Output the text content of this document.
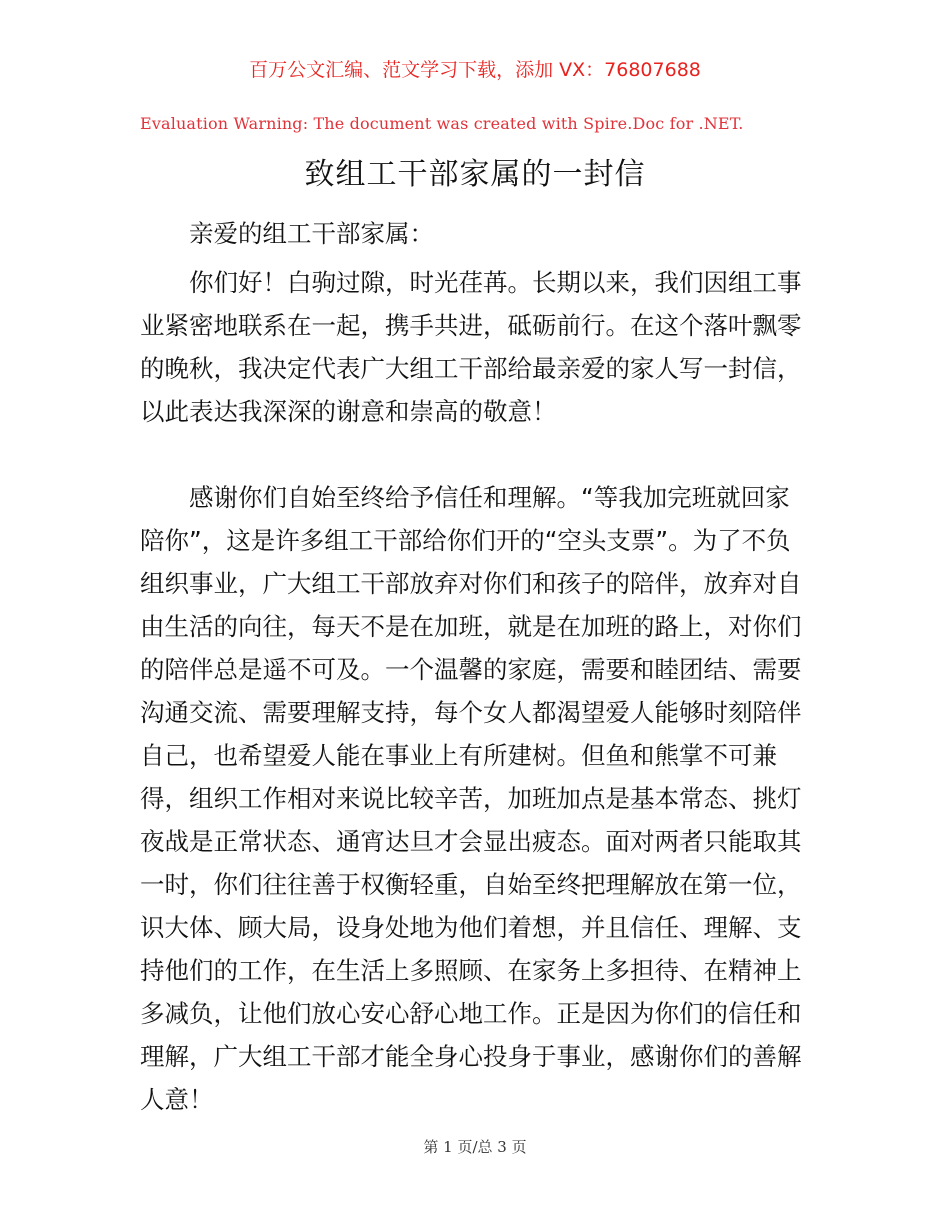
百万公文汇编、范文学习下载，添加 VX：76807688
Evaluation Warning: The document was created with Spire.Doc for .NET.
致组工干部家属的一封信
亲爱的组工干部家属：
你们好！白驹过隙，时光荏苒。长期以来，我们因组工事
业紧密地联系在一起，携手共进，砥砺前行。在这个落叶飘零
的晚秋，我决定代表广大组工干部给最亲爱的家人写一封信，
以此表达我深深的谢意和崇高的敬意！
感谢你们自始至终给予信任和理解。“等我加完班就回家
陪你”，这是许多组工干部给你们开的“空头支票”。为了不负
组织事业，广大组工干部放弃对你们和孩子的陪伴，放弃对自
由生活的向往，每天不是在加班，就是在加班的路上，对你们
的陪伴总是遥不可及。一个温馨的家庭，需要和睦团结、需要
沟通交流、需要理解支持，每个女人都渴望爱人能够时刻陪伴
自己，也希望爱人能在事业上有所建树。但鱼和熊掌不可兼
得，组织工作相对来说比较辛苦，加班加点是基本常态、挑灯
夜战是正常状态、通宵达旦才会显出疲态。面对两者只能取其
一时，你们往往善于权衡轻重，自始至终把理解放在第一位，
识大体、顾大局，设身处地为他们着想，并且信任、理解、支
持他们的工作，在生活上多照顾、在家务上多担待、在精神上
多减负，让他们放心安心舒心地工作。正是因为你们的信任和
理解，广大组工干部才能全身心投身于事业，感谢你们的善解
人意！
第 1 页/总 3 页
